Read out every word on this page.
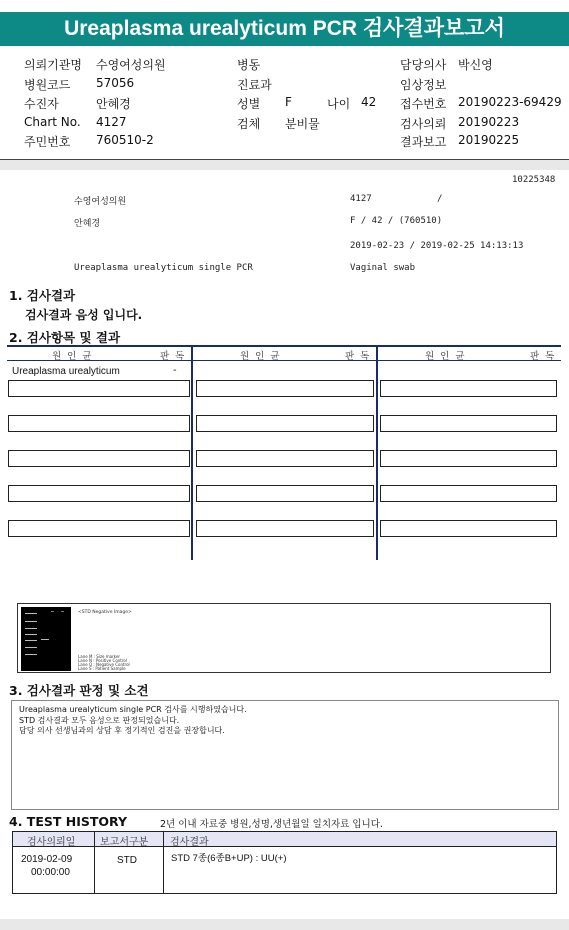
Ureaplasma urealyticum PCR 검사결과보고서
의뢰기관명 수영여성의원
병원코드 57056
수진자	안혜경
Chart No. 4127
주민번호 760510-2
병동
진료과
성별 F	나이 42
검체 분비물
담당의사 박신영
임상정보
접수번호 20190223-69429
검사의뢰 20190223
결과보고 20190225
10225348
수영여성의원	4127	/
안혜경	F / 42 / (760510)
2019-02-23 / 2019-02-25 14:13:13
Ureaplasma urealyticum single PCR	Vaginal swab
1. 검사결과
검사결과 음성 입니다.
2. 검사항목 및 결과
원인균	판독	원인균	판독	원인균	판독
Ureaplasma urealyticum	-
<STD Negative Image>
Lane M : Size marker
Lane N : Positive Control
Lane Q : Negative Control
Lane S : Patient Sample
3. 검사결과 판정 및 소견
Ureaplasma urealyticum single PCR 검사를 시행하였습니다.
STD 검사결과 모두 음성으로 판정되었습니다.
담당 의사 선생님과의 상담 후 정기적인 검진을 권장합니다.
4. TEST HISTORY	2년 이내 자료중 병원,성명,생년월일 일치자료 입니다.
검사의뢰일 보고서구분 검사결과
2019-02-09
00:00:00
STD	STD 7종(6종B+UP) : UU(+)
